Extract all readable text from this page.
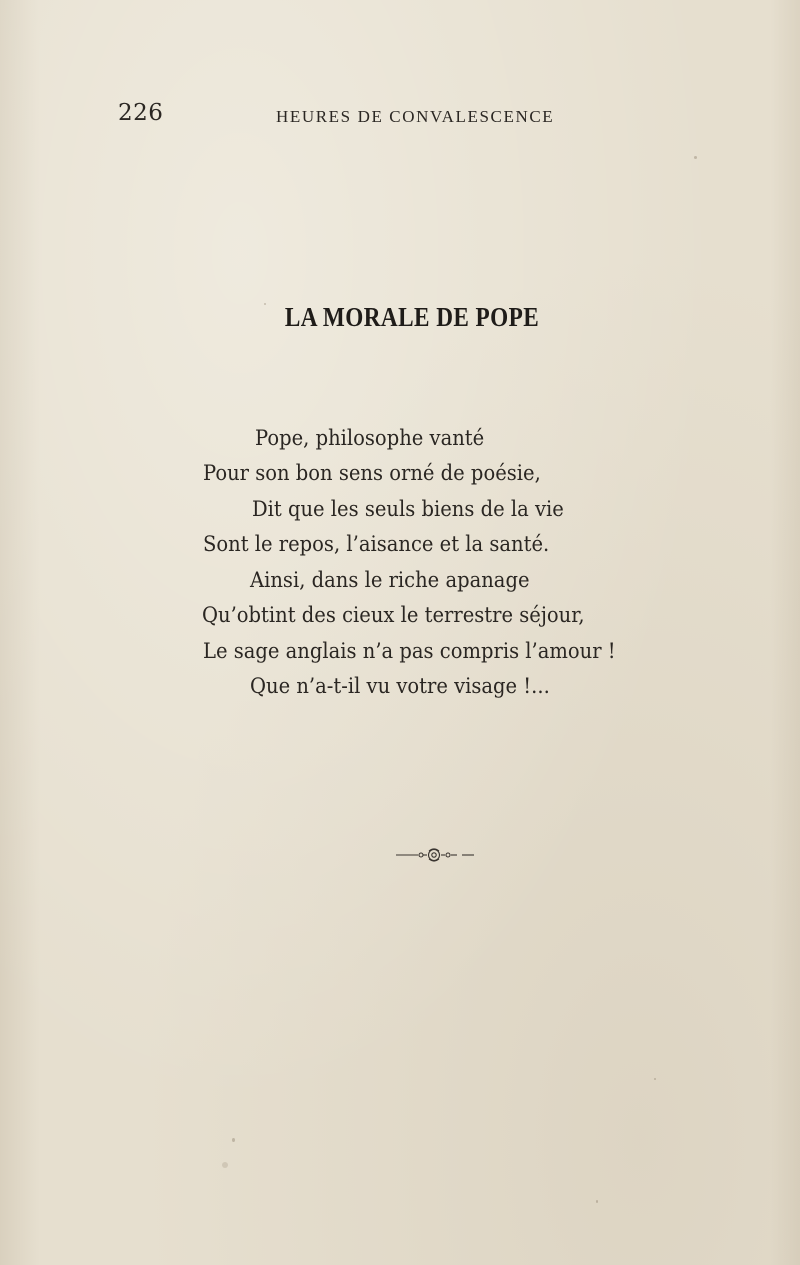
226	HEURES DE CONVALESCENCE
LA MORALE DE POPE
Pope, philosophe vanté
Pour son bon sens orné de poésie,
Dit que les seuls biens de la vie
Sont le repos, l’aisance et la santé.
Ainsi, dans le riche apanage
Qu’obtint des cieux le terrestre séjour,
Le sage anglais n’a pas compris l’amour !
Que n’a-t-il vu votre visage !...
